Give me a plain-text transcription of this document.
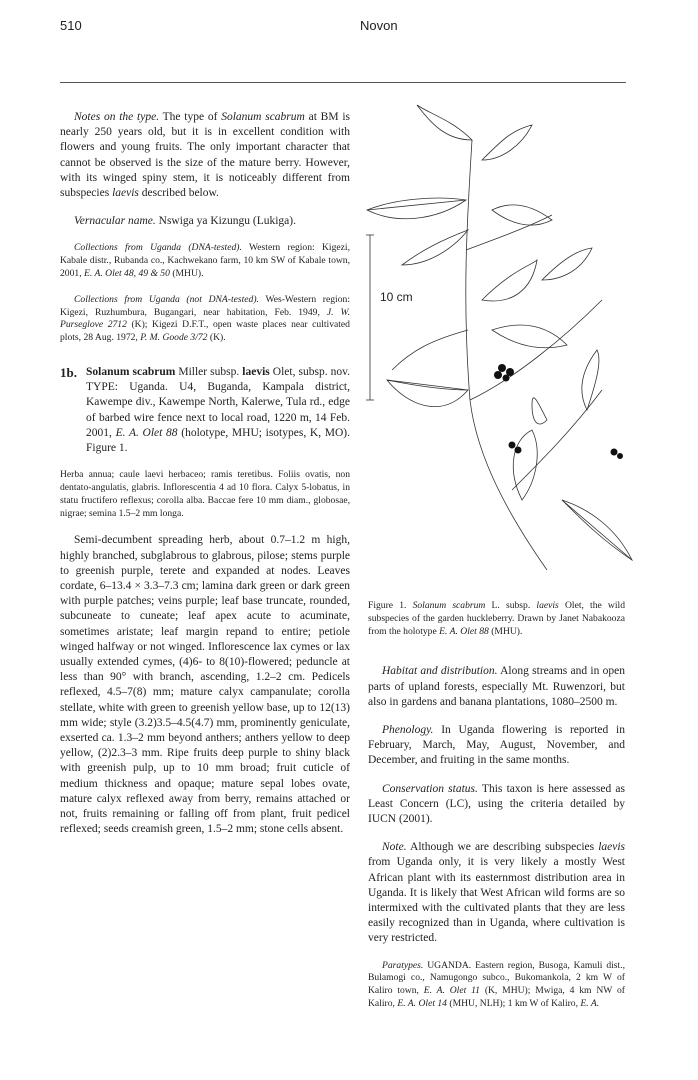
510	Novon

Notes on the type. The type of Solanum scabrum at BM is nearly 250 years old, but it is in excellent condition with flowers and young fruits. The only important character that cannot be observed is the size of the mature berry. However, with its winged spiny stem, it is noticeably different from subspecies laevis described below.

Vernacular name. Nswiga ya Kizungu (Lukiga).

Collections from Uganda (DNA-tested). Western region: Kigezi, Kabale distr., Rubanda co., Kachwekano farm, 10 km SW of Kabale town, 2001, E. A. Olet 48, 49 & 50 (MHU).

Collections from Uganda (not DNA-tested). Wes-Western region: Kigezi, Ruzhumbura, Bugangari, near habitation, Feb. 1949, J. W. Purseglove 2712 (K); Kigezi D.F.T., open waste places near cultivated plots, 28 Aug. 1972, P. M. Goode 3/72 (K).

1b. Solanum scabrum Miller subsp. laevis Olet, subsp. nov. TYPE: Uganda. U4, Buganda, Kampala district, Kawempe div., Kawempe North, Kalerwe, Tula rd., edge of barbed wire fence next to local road, 1220 m, 14 Feb. 2001, E. A. Olet 88 (holotype, MHU; isotypes, K, MO). Figure 1.

Herba annua; caule laevi herbaceo; ramis teretibus. Foliis ovatis, non dentato-angulatis, glabris. Inflorescentia 4 ad 10 flora. Calyx 5-lobatus, in statu fructifero reflexus; corolla alba. Baccae fere 10 mm diam., globosae, nigrae; semina 1.5–2 mm longa.

Semi-decumbent spreading herb, about 0.7–1.2 m high, highly branched, subglabrous to glabrous, pilose; stems purple to greenish purple, terete and expanded at nodes. Leaves cordate, 6–13.4 × 3.3–7.3 cm; lamina dark green or dark green with purple patches; veins purple; leaf base truncate, rounded, subcuneate to cuneate; leaf apex acute to acuminate, sometimes aristate; leaf margin repand to entire; petiole winged halfway or not winged. Inflorescence lax cymes or lax usually extended cymes, (4)6- to 8(10)-flowered; peduncle at less than 90° with branch, ascending, 1.2–2 cm. Pedicels reflexed, 4.5–7(8) mm; mature calyx campanulate; corolla stellate, white with green to greenish yellow base, up to 12(13) mm wide; style (3.2)3.5–4.5(4.7) mm, prominently geniculate, exserted ca. 1.3–2 mm beyond anthers; anthers yellow to deep yellow, (2)2.3–3 mm. Ripe fruits deep purple to shiny black with greenish pulp, up to 10 mm broad; fruit cuticle of medium thickness and opaque; mature sepal lobes ovate, mature calyx reflexed away from berry, remains attached or not, fruits remaining or falling off from plant, fruit pedicel reflexed; seeds creamish green, 1.5–2 mm; stone cells absent.

10 cm

Figure 1. Solanum scabrum L. subsp. laevis Olet, the wild subspecies of the garden huckleberry. Drawn by Janet Nabakooza from the holotype E. A. Olet 88 (MHU).

Habitat and distribution. Along streams and in open parts of upland forests, especially Mt. Ruwenzori, but also in gardens and banana plantations, 1080–2500 m.

Phenology. In Uganda flowering is reported in February, March, May, August, November, and December, and fruiting in the same months.

Conservation status. This taxon is here assessed as Least Concern (LC), using the criteria detailed by IUCN (2001).

Note. Although we are describing subspecies laevis from Uganda only, it is very likely a mostly West African plant with its easternmost distribution area in Uganda. It is likely that West African wild forms are so intermixed with the cultivated plants that they are less easily recognized than in Uganda, where cultivation is very restricted.

Paratypes. UGANDA. Eastern region, Busoga, Kamuli dist., Bulamogi co., Namugongo subco., Bukomankola, 2 km W of Kaliro town, E. A. Olet 11 (K, MHU); Mwiga, 4 km NW of Kaliro, E. A. Olet 14 (MHU, NLH); 1 km W of Kaliro, E. A.
